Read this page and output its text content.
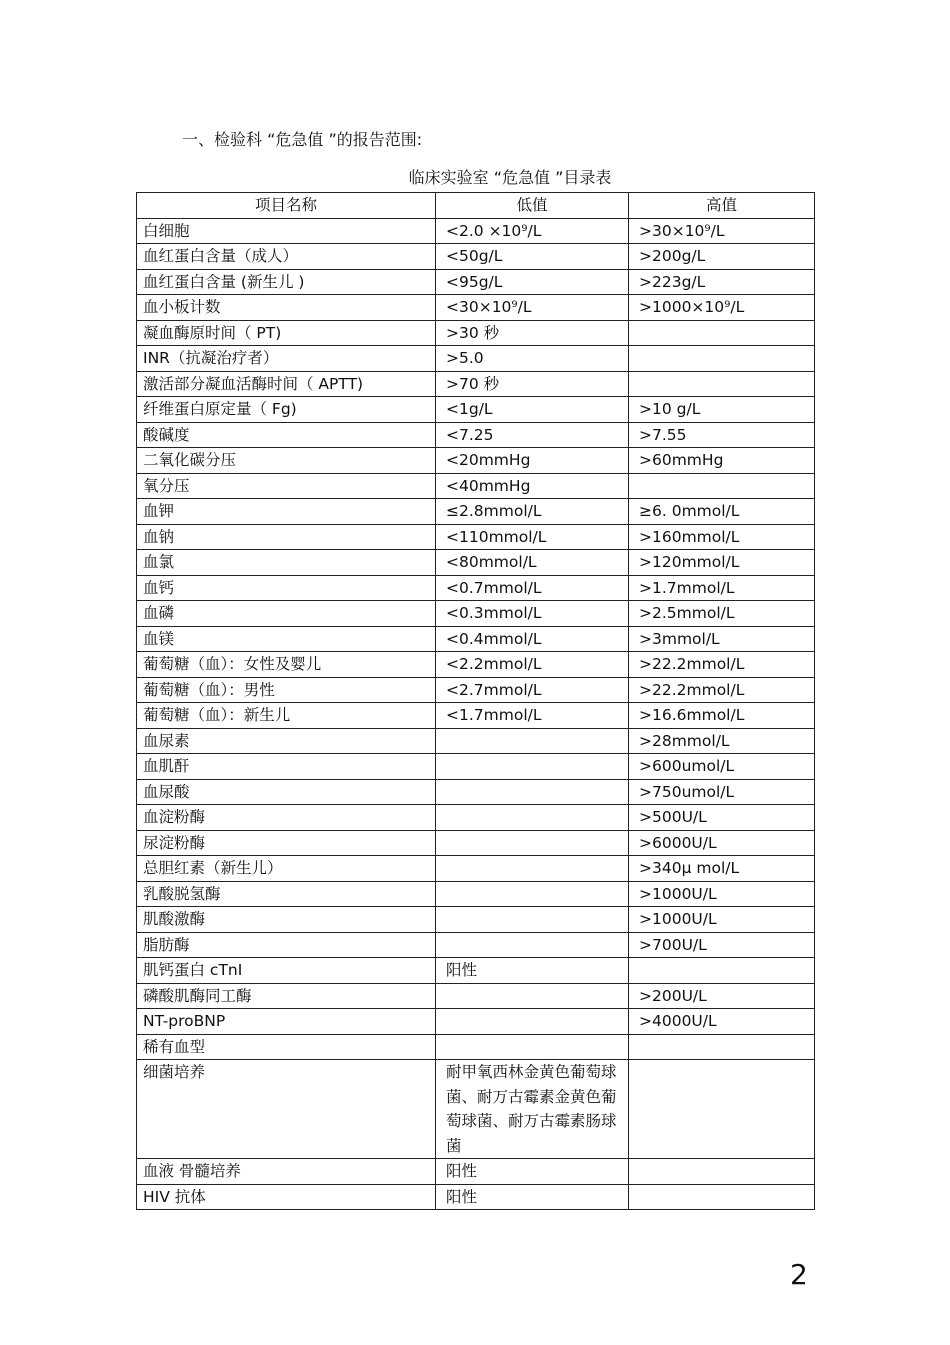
一、检验科 “危急值 ”的报告范围:
临床实验室 “危急值 ”目录表
项目名称	低值	高值
白细胞	<2.0 ×10⁹/L	>30×10⁹/L
血红蛋白含量（成人）	<50g/L	>200g/L
血红蛋白含量 (新生儿 )	<95g/L	>223g/L
血小板计数	<30×10⁹/L	>1000×10⁹/L
凝血酶原时间（ PT)	>30 秒	
INR（抗凝治疗者）	>5.0	
激活部分凝血活酶时间（ APTT)	>70 秒	
纤维蛋白原定量（ Fg)	<1g/L	>10 g/L
酸碱度	<7.25	>7.55
二氧化碳分压	<20mmHg	>60mmHg
氧分压	<40mmHg	
血钾	≤2.8mmol/L	≥6. 0mmol/L
血钠	<110mmol/L	>160mmol/L
血氯	<80mmol/L	>120mmol/L
血钙	<0.7mmol/L	>1.7mmol/L
血磷	<0.3mmol/L	>2.5mmol/L
血镁	<0.4mmol/L	>3mmol/L
葡萄糖（血）：女性及婴儿	<2.2mmol/L	>22.2mmol/L
葡萄糖（血）：男性	<2.7mmol/L	>22.2mmol/L
葡萄糖（血）：新生儿	<1.7mmol/L	>16.6mmol/L
血尿素		>28mmol/L
血肌酐		>600umol/L
血尿酸		>750umol/L
血淀粉酶		>500U/L
尿淀粉酶		>6000U/L
总胆红素（新生儿）		>340μ mol/L
乳酸脱氢酶		>1000U/L
肌酸激酶		>1000U/L
脂肪酶		>700U/L
肌钙蛋白 cTnI	阳性	
磷酸肌酶同工酶		>200U/L
NT-proBNP		>4000U/L
稀有血型		
细菌培养	耐甲氧西林金黄色葡萄球菌、耐万古霉素金黄色葡萄球菌、耐万古霉素肠球菌	
血液 骨髓培养	阳性	
HIV 抗体	阳性	
2
